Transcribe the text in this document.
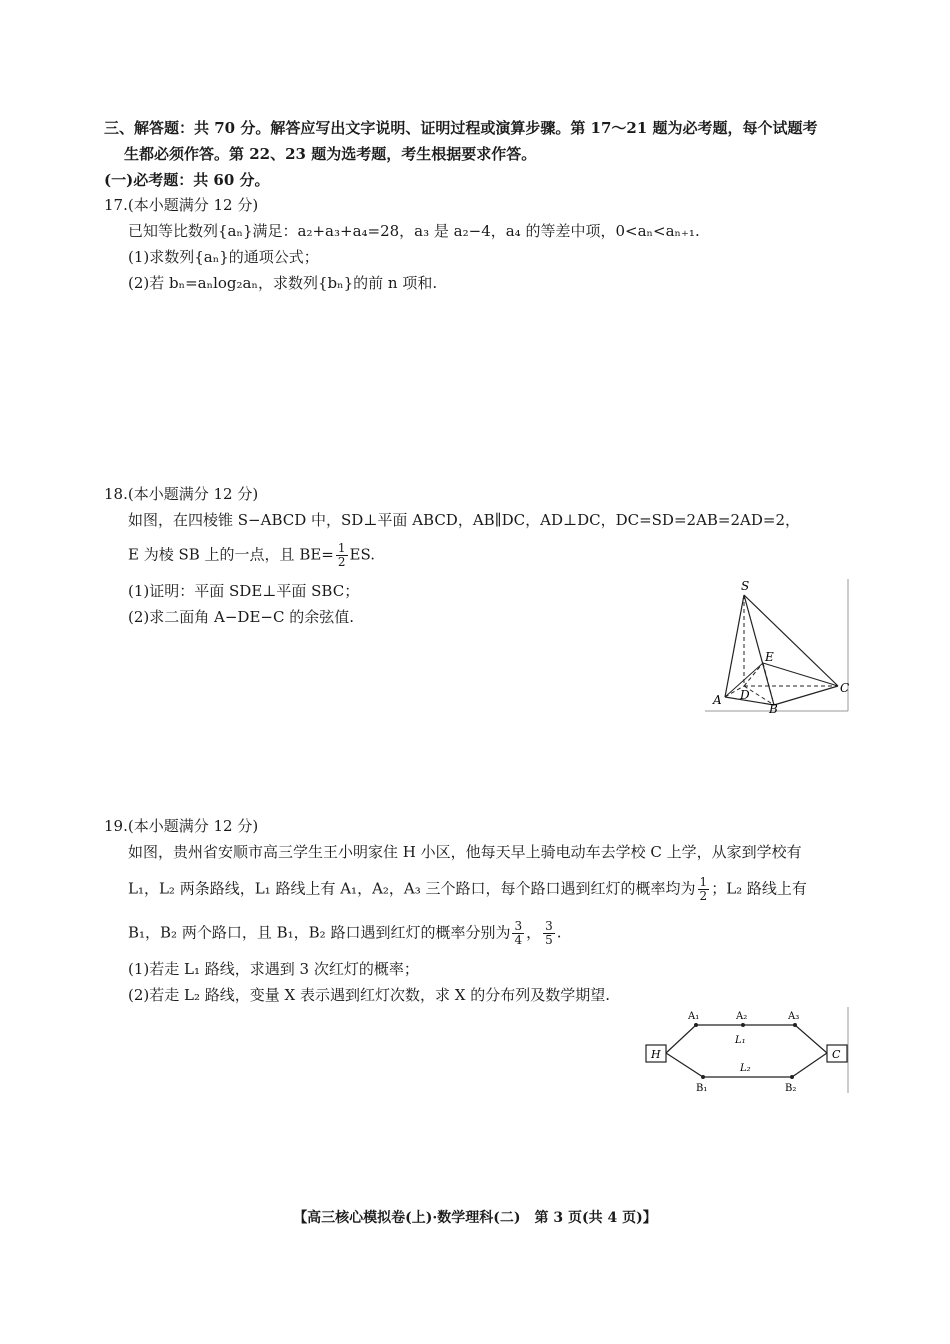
三、解答题：共 70 分。解答应写出文字说明、证明过程或演算步骤。第 17～21 题为必考题，每个试题考
生都必须作答。第 22、23 题为选考题，考生根据要求作答。
(一)必考题：共 60 分。
17.(本小题满分 12 分)
已知等比数列{aₙ}满足：a₂+a₃+a₄=28，a₃ 是 a₂−4，a₄ 的等差中项，0<aₙ<aₙ₊₁.
(1)求数列{aₙ}的通项公式；
(2)若 bₙ=aₙlog₂aₙ，求数列{bₙ}的前 n 项和.
18.(本小题满分 12 分)
如图，在四棱锥 S−ABCD 中，SD⊥平面 ABCD，AB∥DC，AD⊥DC，DC=SD=2AB=2AD=2，
E 为棱 SB 上的一点，且 $BE= \frac{1}{2}$ ES.
(1)证明：平面 SDE⊥平面 SBC；
(2)求二面角 A−DE−C 的余弦值.
S
E
A D
B
C
19.(本小题满分 12 分)
如图，贵州省安顺市高三学生王小明家住 H 小区，他每天早上骑电动车去学校 C 上学，从家到学校有
L₁，L₂ 两条路线，L₁ 路线上有 A₁，A₂，A₃ 三个路口，每个路口遇到红灯的概率均为 $\frac{1}{2}$ ；L₂ 路线上有
B₁，B₂ 两个路口，且 B₁，B₂ 路口遇到红灯的概率分别为 $\frac{3}{4}$ ， $\frac{3}{5}$ .
(1)若走 L₁ 路线，求遇到 3 次红灯的概率；
(2)若走 L₂ 路线，变量 X 表示遇到红灯次数，求 X 的分布列及数学期望.
H	C
A₁	A₂	A₃
L₁
L₂
B₁	B₂
【高三核心模拟卷(上)·数学理科(二)　第 3 页(共 4 页)】
